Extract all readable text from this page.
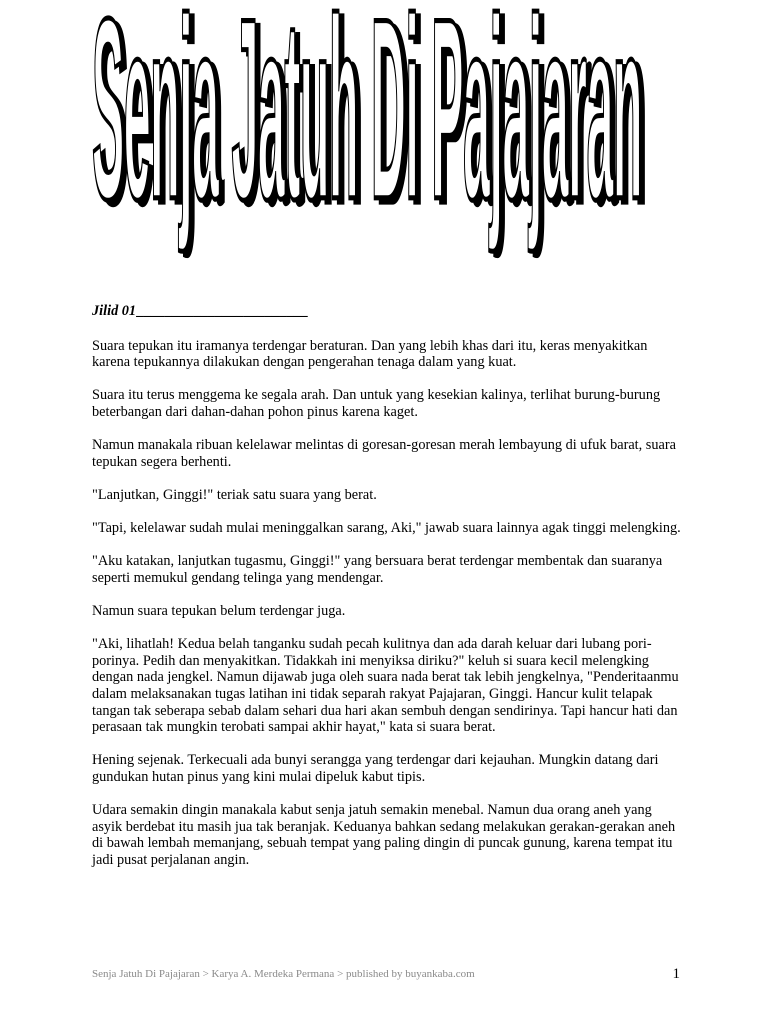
Senja Jatuh Di Pajajaran
Senja Jatuh Di Pajajaran

Jilid 01________________________

Suara tepukan itu iramanya terdengar beraturan. Dan yang lebih khas dari itu, keras menyakitkan karena tepukannya dilakukan dengan pengerahan tenaga dalam yang kuat.

Suara itu terus menggema ke segala arah. Dan untuk yang kesekian kalinya, terlihat burung-burung beterbangan dari dahan-dahan pohon pinus karena kaget.

Namun manakala ribuan kelelawar melintas di goresan-goresan merah lembayung di ufuk barat, suara tepukan segera berhenti.

"Lanjutkan, Ginggi!" teriak satu suara yang berat.

"Tapi, kelelawar sudah mulai meninggalkan sarang, Aki," jawab suara lainnya agak tinggi melengking.

"Aku katakan, lanjutkan tugasmu, Ginggi!" yang bersuara berat terdengar membentak dan suaranya seperti memukul gendang telinga yang mendengar.

Namun suara tepukan belum terdengar juga.

"Aki, lihatlah! Kedua belah tanganku sudah pecah kulitnya dan ada darah keluar dari lubang pori-porinya. Pedih dan menyakitkan. Tidakkah ini menyiksa diriku?" keluh si suara kecil melengking dengan nada jengkel. Namun dijawab juga oleh suara nada berat tak lebih jengkelnya, "Penderitaanmu dalam melaksanakan tugas latihan ini tidak separah rakyat Pajajaran, Ginggi. Hancur kulit telapak tangan tak seberapa sebab dalam sehari dua hari akan sembuh dengan sendirinya. Tapi hancur hati dan perasaan tak mungkin terobati sampai akhir hayat," kata si suara berat.

Hening sejenak. Terkecuali ada bunyi serangga yang terdengar dari kejauhan. Mungkin datang dari gundukan hutan pinus yang kini mulai dipeluk kabut tipis.

Udara semakin dingin manakala kabut senja jatuh semakin menebal. Namun dua orang aneh yang asyik berdebat itu masih jua tak beranjak. Keduanya bahkan sedang melakukan gerakan-gerakan aneh di bawah lembah memanjang, sebuah tempat yang paling dingin di puncak gunung, karena tempat itu jadi pusat perjalanan angin.

Senja Jatuh Di Pajajaran > Karya A. Merdeka Permana > published by buyankaba.com	1
